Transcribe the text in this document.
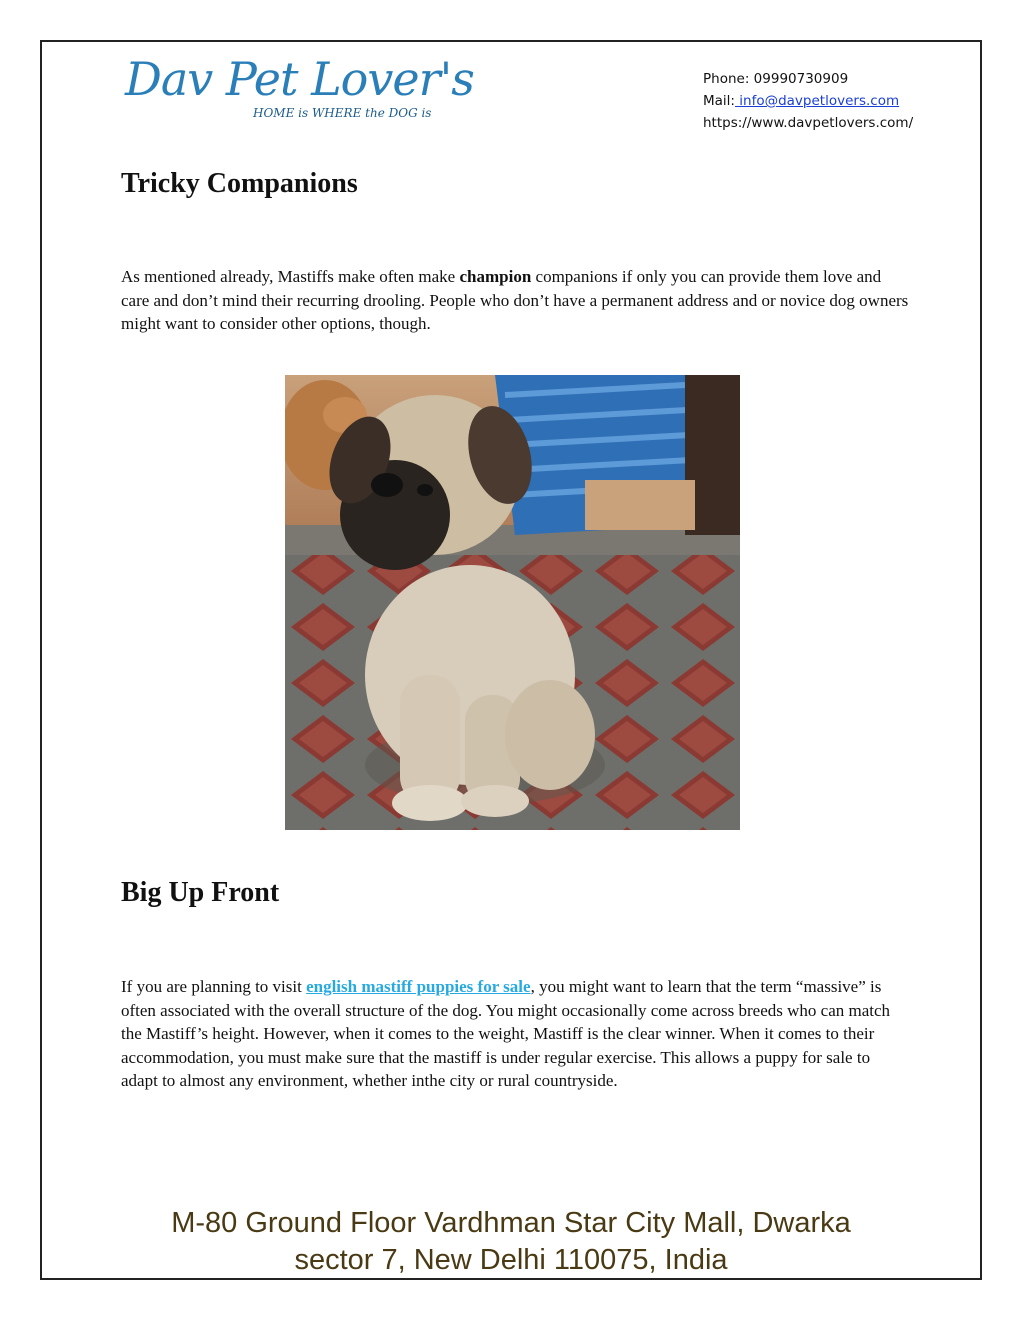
Dav Pet Lover's
HOME is WHERE the DOG is
Phone: 09990730909
Mail: info@davpetlovers.com
https://www.davpetlovers.com/
Tricky Companions

As mentioned already, Mastiffs make often make champion companions if only you can provide them love and care and don’t mind their recurring drooling. People who don’t have a permanent address and or novice dog owners might want to consider other options, though.

Big Up Front

If you are planning to visit english mastiff puppies for sale, you might want to learn that the term “massive” is often associated with the overall structure of the dog. You might occasionally come across breeds who can match the Mastiff’s height. However, when it comes to the weight, Mastiff is the clear winner. When it comes to their accommodation, you must make sure that the mastiff is under regular exercise. This allows a puppy for sale to adapt to almost any environment, whether inthe city or rural countryside.

M-80 Ground Floor Vardhman Star City Mall, Dwarka
sector 7, New Delhi 110075, India
